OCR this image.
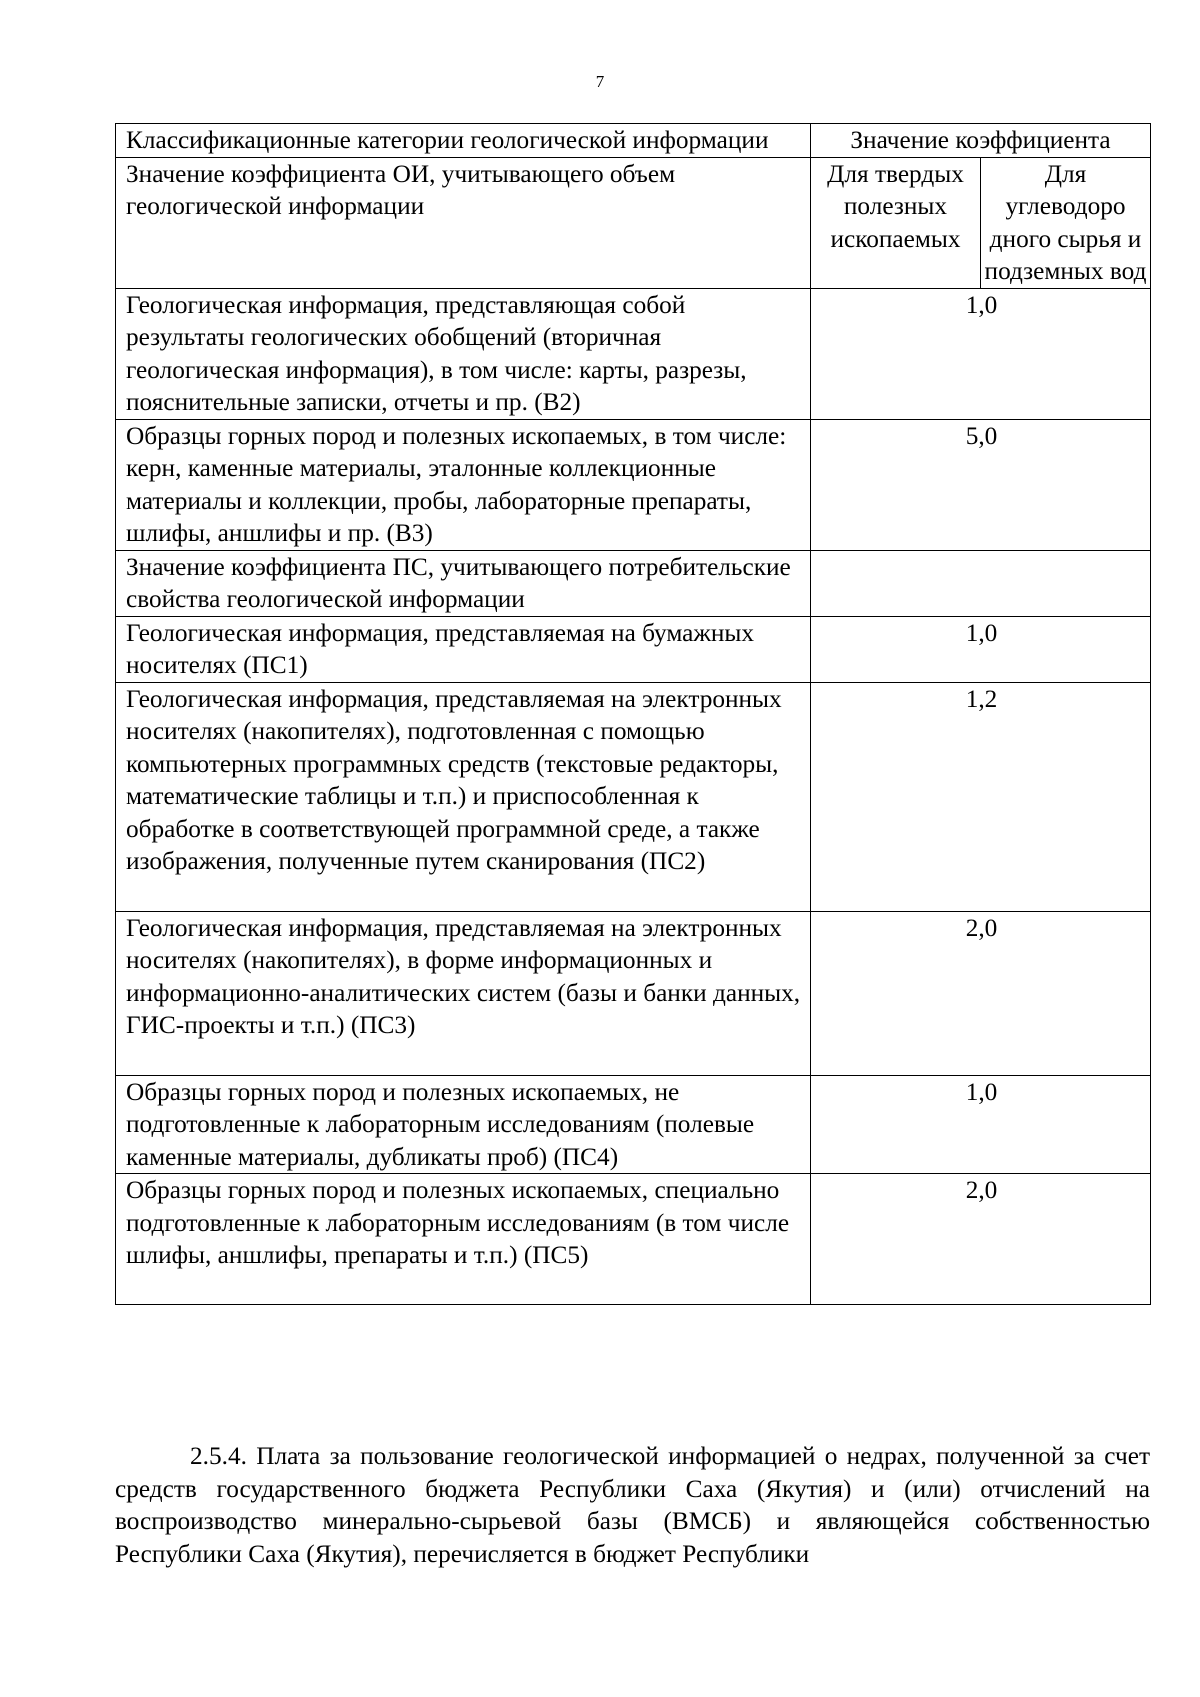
7
Классификационные категории геологической информации	Значение коэффициента	
Значение коэффициента ОИ, учитывающего объем геологической информации	Для твердых полезных ископаемых	Для углеводоро дного сырья и подземных вод
Геологическая информация, представляющая собой результаты геологических обобщений (вторичная геологическая информация), в том числе: карты, разрезы, пояснительные записки, отчеты и пр. (В2)	1,0	
Образцы горных пород и полезных ископаемых, в том числе: керн, каменные материалы, эталонные коллекционные материалы и коллекции, пробы, лабораторные препараты, шлифы, аншлифы и пр. (В3)	5,0	
Значение коэффициента ПС, учитывающего потребительские свойства геологической информации		
Геологическая информация, представляемая на бумажных носителях (ПС1)	1,0	
Геологическая информация, представляемая на электронных носителях (накопителях), подготовленная с помощью компьютерных программных средств (текстовые редакторы, математические таблицы и т.п.) и приспособленная к обработке в соответствующей программной среде, а также изображения, полученные путем сканирования (ПС2)	1,2	
Геологическая информация, представляемая на электронных носителях (накопителях), в форме информационных и информационно-аналитических систем (базы и банки данных, ГИС-проекты и т.п.) (ПС3)	2,0	
Образцы горных пород и полезных ископаемых, не подготовленные к лабораторным исследованиям (полевые каменные материалы, дубликаты проб) (ПС4)	1,0	
Образцы горных пород и полезных ископаемых, специально подготовленные к лабораторным исследованиям (в том числе шлифы, аншлифы, препараты и т.п.) (ПС5)	2,0	

2.5.4. Плата за пользование геологической информацией о недрах, полученной за счет средств государственного бюджета Республики Саха (Якутия) и (или) отчислений на воспроизводство минерально-сырьевой базы (ВМСБ) и являющейся собственностью Республики Саха (Якутия), перечисляется в бюджет Республики
